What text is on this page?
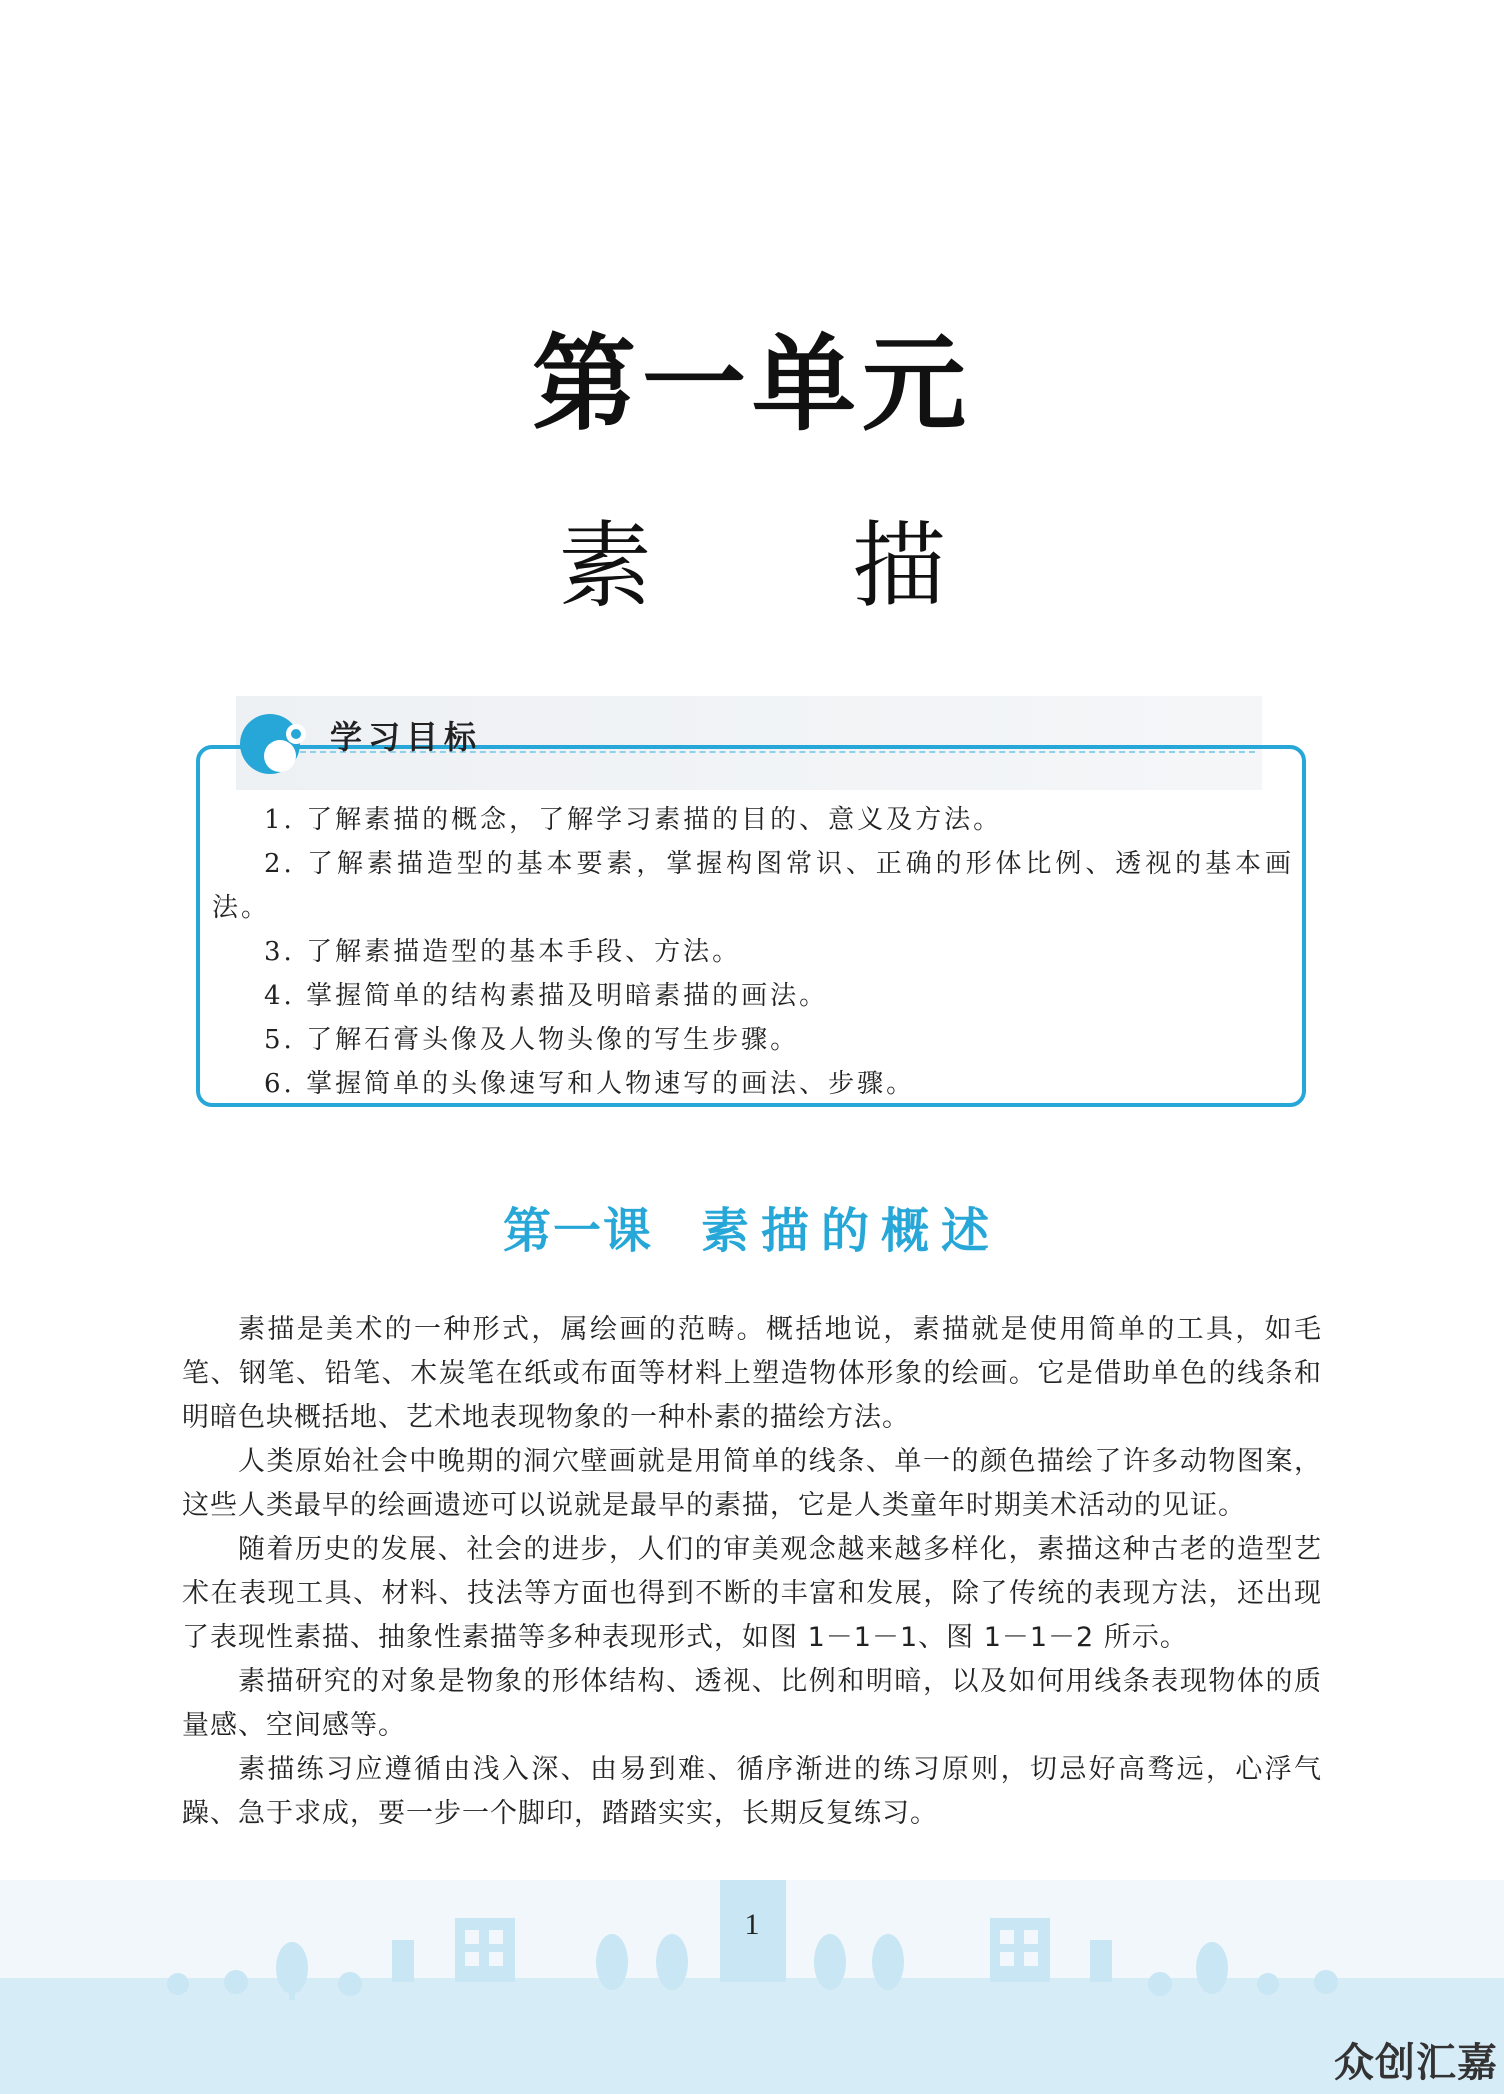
第一单元
素 描
学习目标
1. 了解素描的概念，了解学习素描的目的、意义及方法。
2. 了解素描造型的基本要素，掌握构图常识、正确的形体比例、透视的基本画法。
3. 了解素描造型的基本手段、方法。
4. 掌握简单的结构素描及明暗素描的画法。
5. 了解石膏头像及人物头像的写生步骤。
6. 掌握简单的头像速写和人物速写的画法、步骤。
第一课 素描的概述

素描是美术的一种形式，属绘画的范畴。概括地说，素描就是使用简单的工具，如毛笔、钢笔、铅笔、木炭笔在纸或布面等材料上塑造物体形象的绘画。它是借助单色的线条和明暗色块概括地、艺术地表现物象的一种朴素的描绘方法。

人类原始社会中晚期的洞穴壁画就是用简单的线条、单一的颜色描绘了许多动物图案，这些人类最早的绘画遗迹可以说就是最早的素描，它是人类童年时期美术活动的见证。

随着历史的发展、社会的进步，人们的审美观念越来越多样化，素描这种古老的造型艺术在表现工具、材料、技法等方面也得到不断的丰富和发展，除了传统的表现方法，还出现了表现性素描、抽象性素描等多种表现形式，如图 1－1－1、图 1－1－2 所示。

素描研究的对象是物象的形体结构、透视、比例和明暗，以及如何用线条表现物体的质量感、空间感等。

素描练习应遵循由浅入深、由易到难、循序渐进的练习原则，切忌好高骛远，心浮气躁、急于求成，要一步一个脚印，踏踏实实，长期反复练习。

1
众创汇嘉
